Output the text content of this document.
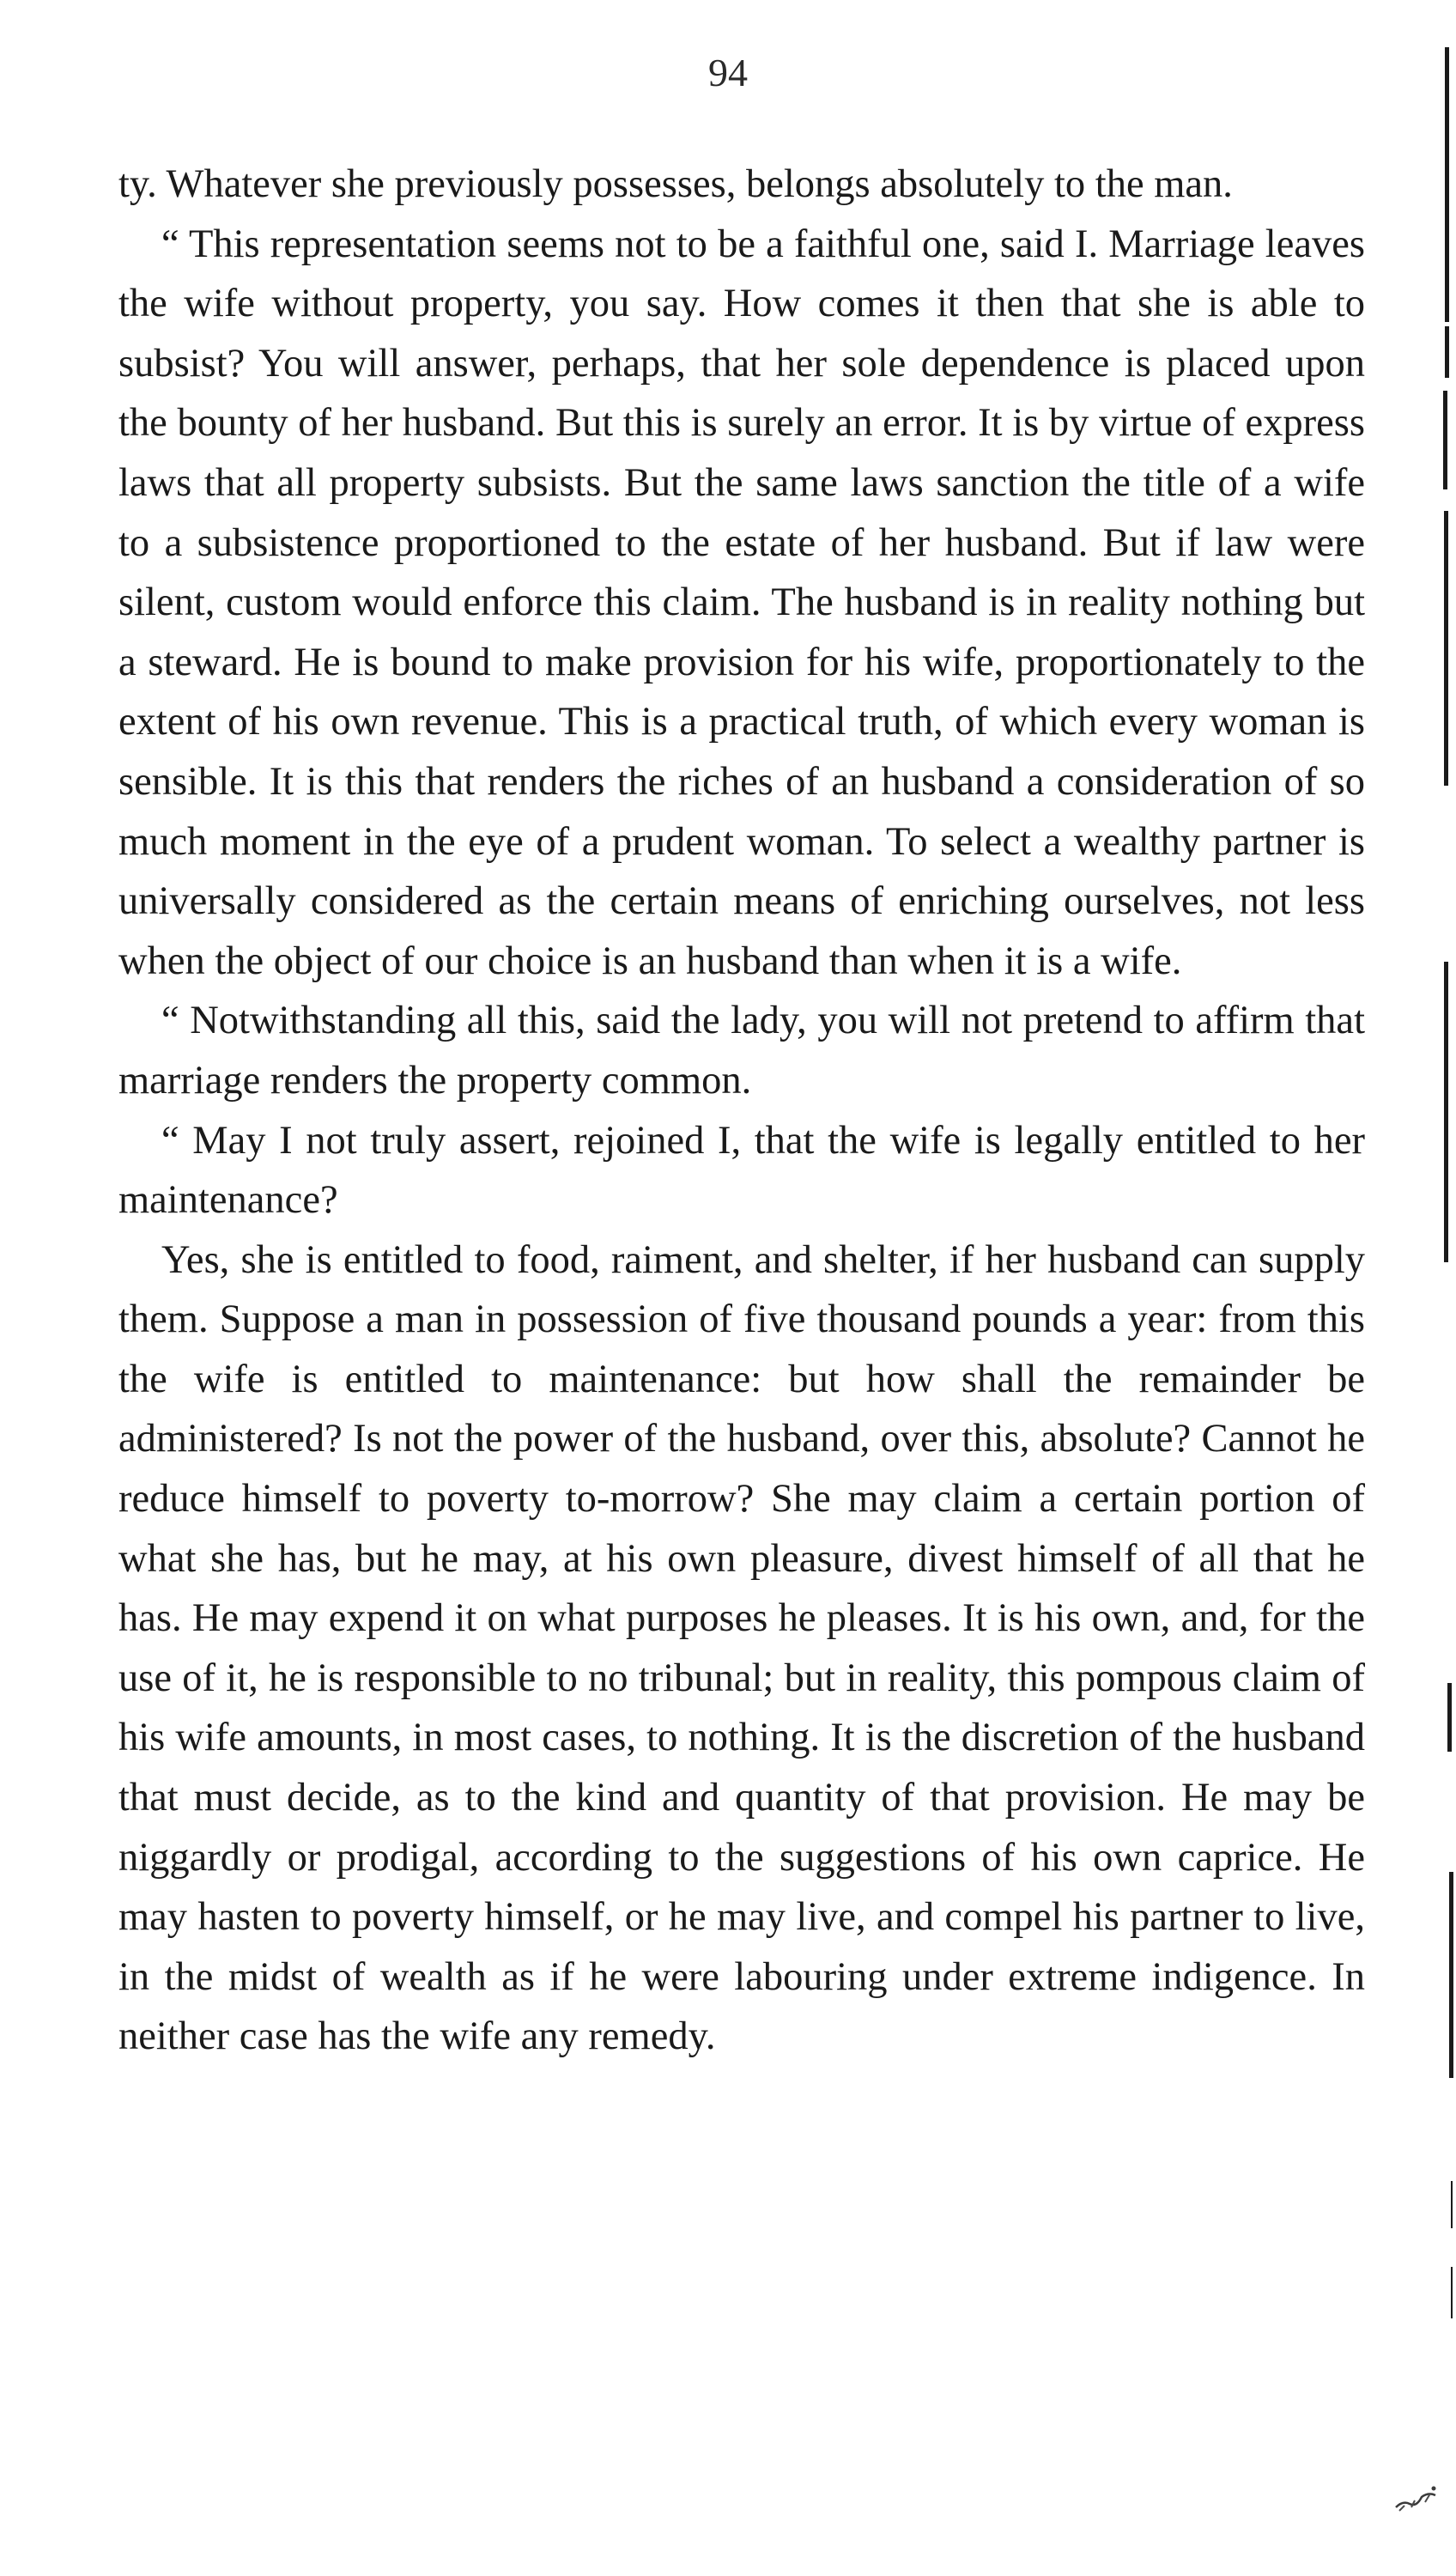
94

ty. Whatever she previously possesses, belongs absolutely to the man.

“ This representation seems not to be a faithful one, said I. Marriage leaves the wife without property, you say. How comes it then that she is able to subsist? You will answer, perhaps, that her sole dependence is placed upon the bounty of her husband. But this is surely an error. It is by virtue of express laws that all property subsists. But the same laws sanction the title of a wife to a subsistence proportioned to the estate of her husband. But if law were silent, custom would enforce this claim. The husband is in reality nothing but a steward. He is bound to make provision for his wife, proportionately to the extent of his own revenue. This is a practical truth, of which every woman is sensible. It is this that renders the riches of an husband a consideration of so much moment in the eye of a prudent woman. To select a wealthy partner is universally considered as the certain means of enriching ourselves, not less when the object of our choice is an husband than when it is a wife.

“ Notwithstanding all this, said the lady, you will not pretend to affirm that marriage renders the property common.

“ May I not truly assert, rejoined I, that the wife is legally entitled to her maintenance?

Yes, she is entitled to food, raiment, and shelter, if her husband can supply them. Suppose a man in possession of five thousand pounds a year: from this the wife is entitled to maintenance: but how shall the remainder be administered? Is not the power of the husband, over this, absolute? Cannot he reduce himself to poverty to-morrow? She may claim a certain portion of what she has, but he may, at his own pleasure, divest himself of all that he has. He may expend it on what purposes he pleases. It is his own, and, for the use of it, he is responsible to no tribunal; but in reality, this pompous claim of his wife amounts, in most cases, to nothing. It is the discretion of the husband that must decide, as to the kind and quantity of that provision. He may be niggardly or prodigal, according to the suggestions of his own caprice. He may hasten to poverty himself, or he may live, and compel his partner to live, in the midst of wealth as if he were labouring under extreme indigence. In neither case has the wife any remedy.
